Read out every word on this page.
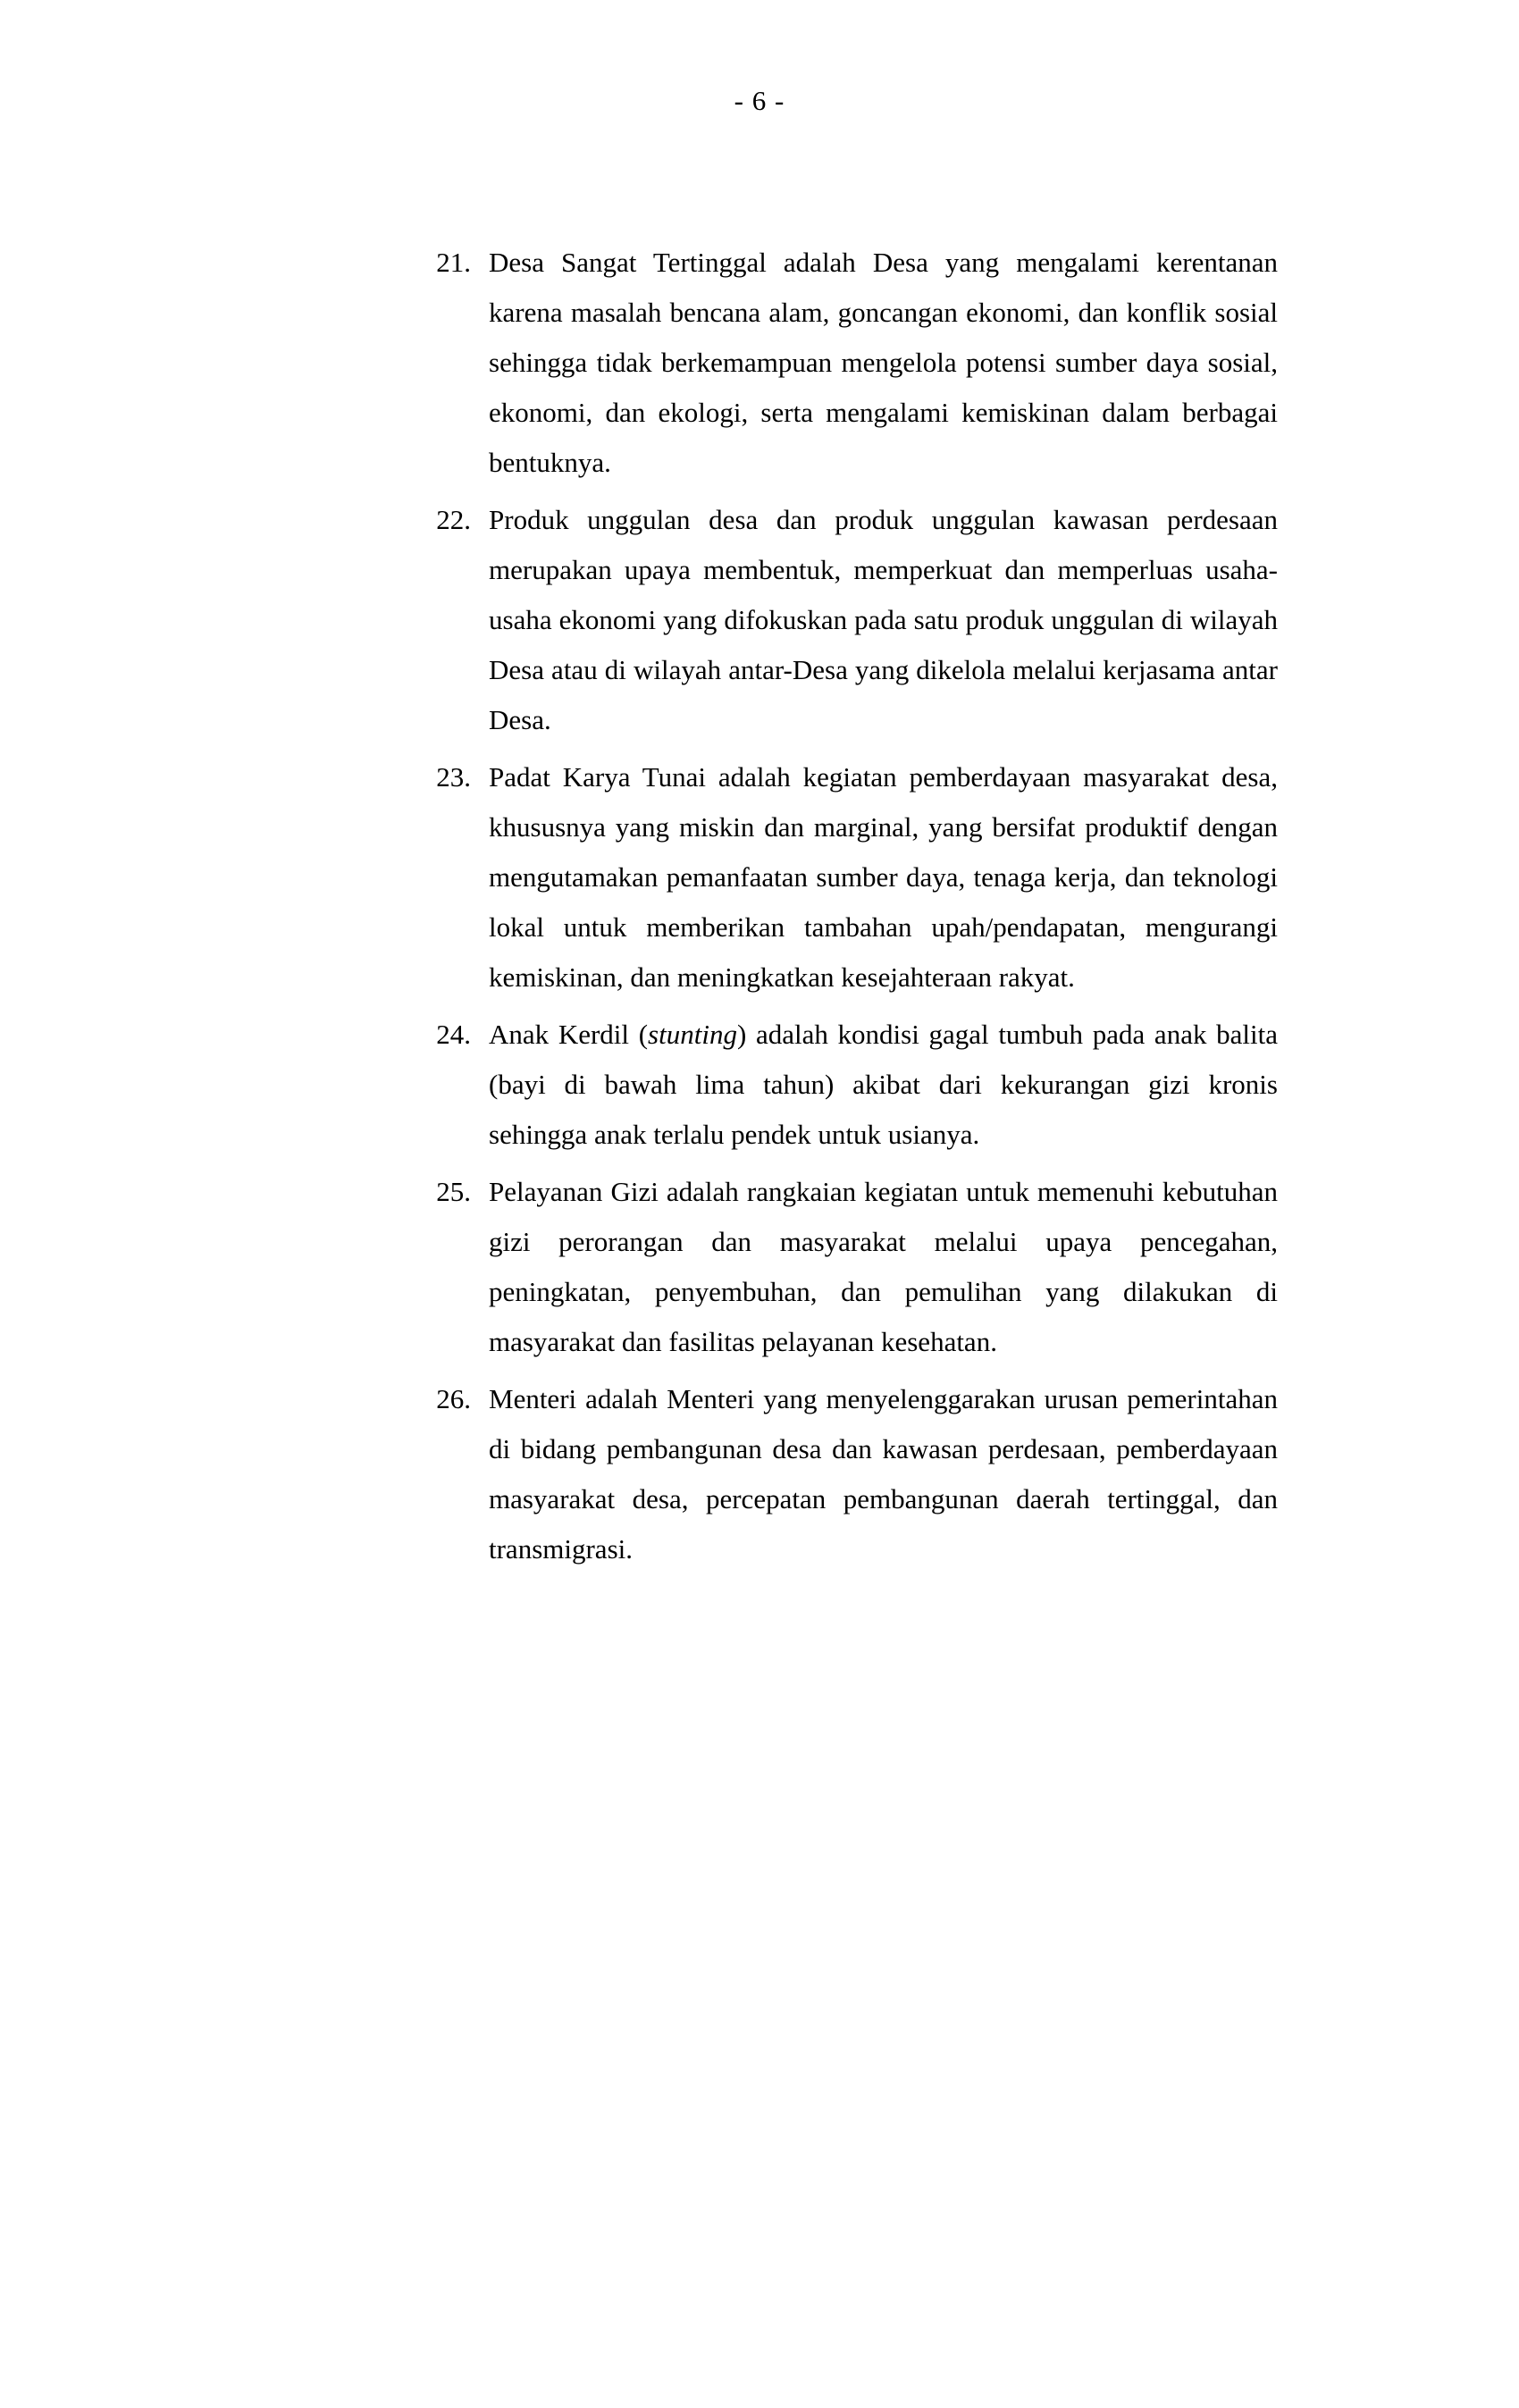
- 6 -
21. Desa Sangat Tertinggal adalah Desa yang mengalami kerentanan karena masalah bencana alam, goncangan ekonomi, dan konflik sosial sehingga tidak berkemampuan mengelola potensi sumber daya sosial, ekonomi, dan ekologi, serta mengalami kemiskinan dalam berbagai bentuknya.
22. Produk unggulan desa dan produk unggulan kawasan perdesaan merupakan upaya membentuk, memperkuat dan memperluas usaha-usaha ekonomi yang difokuskan pada satu produk unggulan di wilayah Desa atau di wilayah antar-Desa yang dikelola melalui kerjasama antar Desa.
23. Padat Karya Tunai adalah kegiatan pemberdayaan masyarakat desa, khususnya yang miskin dan marginal, yang bersifat produktif dengan mengutamakan pemanfaatan sumber daya, tenaga kerja, dan teknologi lokal untuk memberikan tambahan upah/pendapatan, mengurangi kemiskinan, dan meningkatkan kesejahteraan rakyat.
24. Anak Kerdil (stunting) adalah kondisi gagal tumbuh pada anak balita (bayi di bawah lima tahun) akibat dari kekurangan gizi kronis sehingga anak terlalu pendek untuk usianya.
25. Pelayanan Gizi adalah rangkaian kegiatan untuk memenuhi kebutuhan gizi perorangan dan masyarakat melalui upaya pencegahan, peningkatan, penyembuhan, dan pemulihan yang dilakukan di masyarakat dan fasilitas pelayanan kesehatan.
26. Menteri adalah Menteri yang menyelenggarakan urusan pemerintahan di bidang pembangunan desa dan kawasan perdesaan, pemberdayaan masyarakat desa, percepatan pembangunan daerah tertinggal, dan transmigrasi.
